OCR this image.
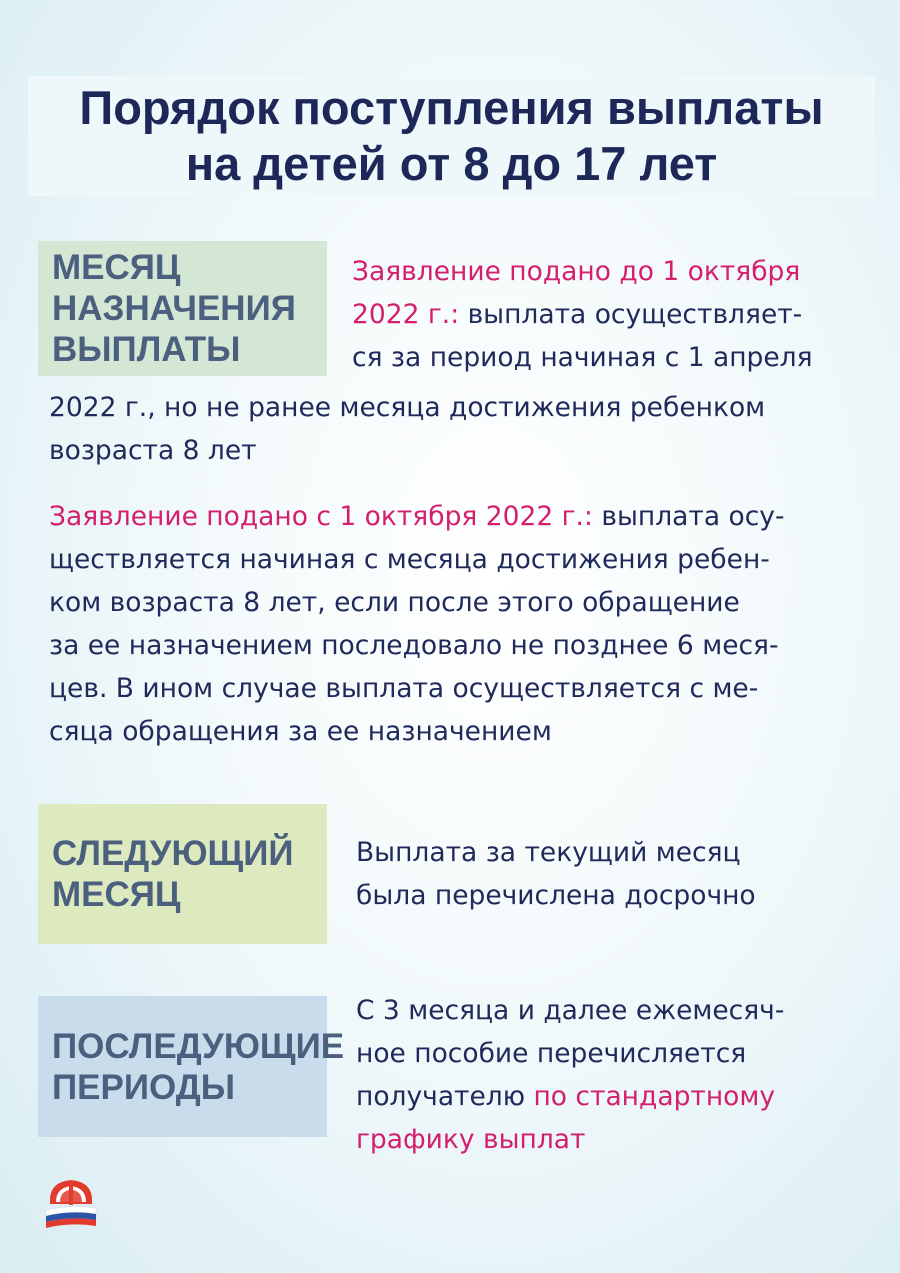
Порядок поступления выплаты
на детей от 8 до 17 лет
МЕСЯЦ
НАЗНАЧЕНИЯ
ВЫПЛАТЫ
Заявление подано до 1 октября
2022 г.: выплата осуществляет-
ся за период начиная с 1 апреля
2022 г., но не ранее месяца достижения ребенком
возраста 8 лет
Заявление подано с 1 октября 2022 г.: выплата осу-
ществляется начиная с месяца достижения ребен-
ком возраста 8 лет, если после этого обращение
за ее назначением последовало не позднее 6 меся-
цев. В ином случае выплата осуществляется с ме-
сяца обращения за ее назначением
СЛЕДУЮЩИЙ
МЕСЯЦ
Выплата за текущий месяц
была перечислена досрочно
ПОСЛЕДУЮЩИЕ
ПЕРИОДЫ
С 3 месяца и далее ежемесяч-
ное пособие перечисляется
получателю по стандартному
графику выплат
